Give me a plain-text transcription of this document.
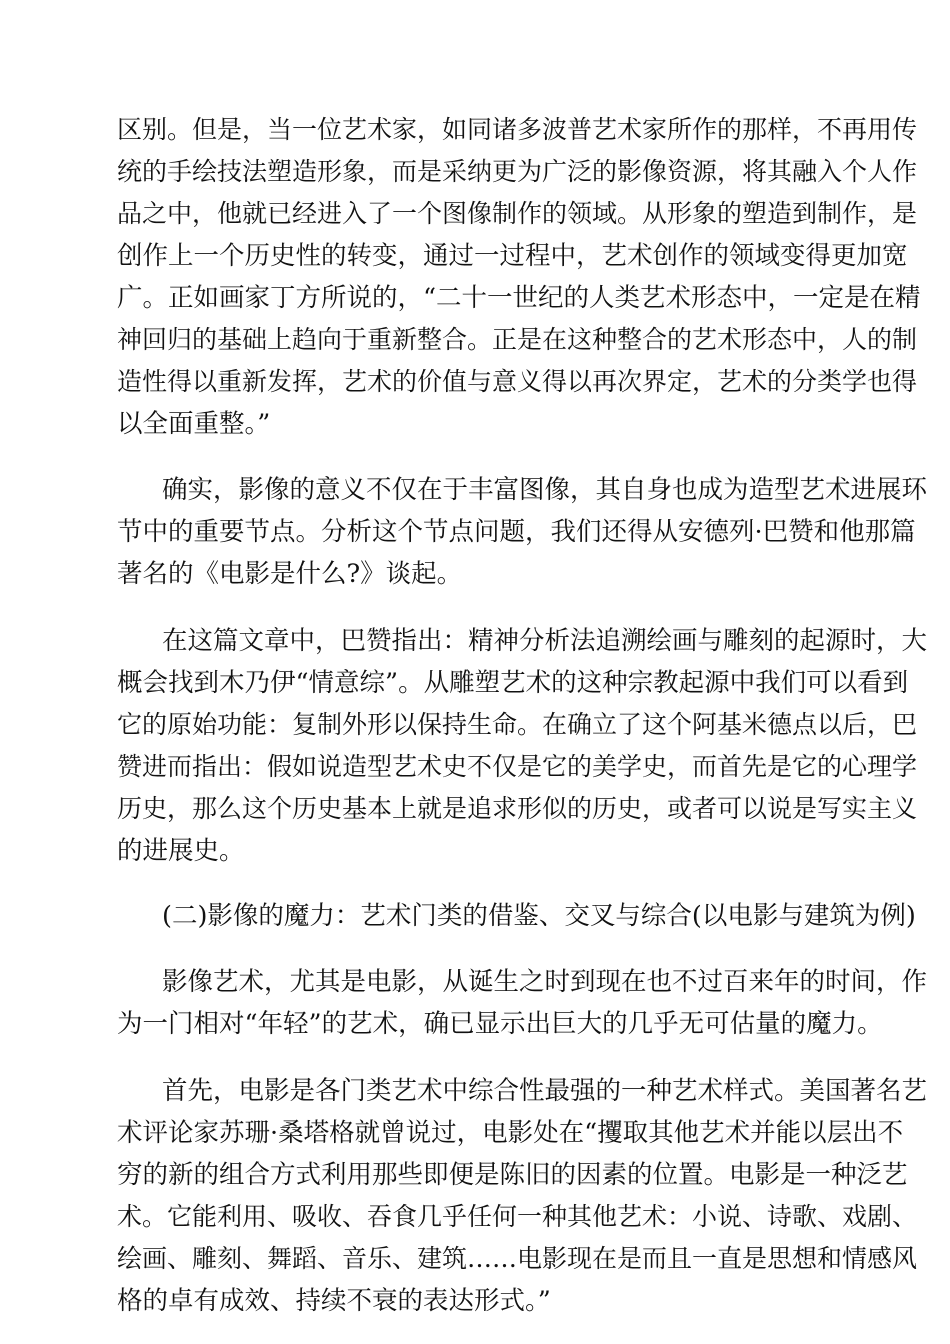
区别。但是，当一位艺术家，如同诸多波普艺术家所作的那样，不再用传

统的手绘技法塑造形象，而是采纳更为广泛的影像资源，将其融入个人作

品之中，他就已经进入了一个图像制作的领域。从形象的塑造到制作，是

创作上一个历史性的转变，通过一过程中，艺术创作的领域变得更加宽

广。正如画家丁方所说的，“二十一世纪的人类艺术形态中，一定是在精

神回归的基础上趋向于重新整合。正是在这种整合的艺术形态中，人的制

造性得以重新发挥，艺术的价值与意义得以再次界定，艺术的分类学也得

以全面重整。”

确实，影像的意义不仅在于丰富图像，其自身也成为造型艺术进展环

节中的重要节点。分析这个节点问题，我们还得从安德列·巴赞和他那篇

著名的《电影是什么?》谈起。

在这篇文章中，巴赞指出：精神分析法追溯绘画与雕刻的起源时，大

概会找到木乃伊“情意综”。从雕塑艺术的这种宗教起源中我们可以看到

它的原始功能：复制外形以保持生命。在确立了这个阿基米德点以后，巴

赞进而指出：假如说造型艺术史不仅是它的美学史，而首先是它的心理学

历史，那么这个历史基本上就是追求形似的历史，或者可以说是写实主义

的进展史。

(二)影像的魔力：艺术门类的借鉴、交叉与综合(以电影与建筑为例)

影像艺术，尤其是电影，从诞生之时到现在也不过百来年的时间，作

为一门相对“年轻”的艺术，确已显示出巨大的几乎无可估量的魔力。

首先，电影是各门类艺术中综合性最强的一种艺术样式。美国著名艺

术评论家苏珊·桑塔格就曾说过，电影处在“攫取其他艺术并能以层出不

穷的新的组合方式利用那些即便是陈旧的因素的位置。电影是一种泛艺

术。它能利用、吸收、吞食几乎任何一种其他艺术：小说、诗歌、戏剧、

绘画、雕刻、舞蹈、音乐、建筑……电影现在是而且一直是思想和情感风

格的卓有成效、持续不衰的表达形式。”
